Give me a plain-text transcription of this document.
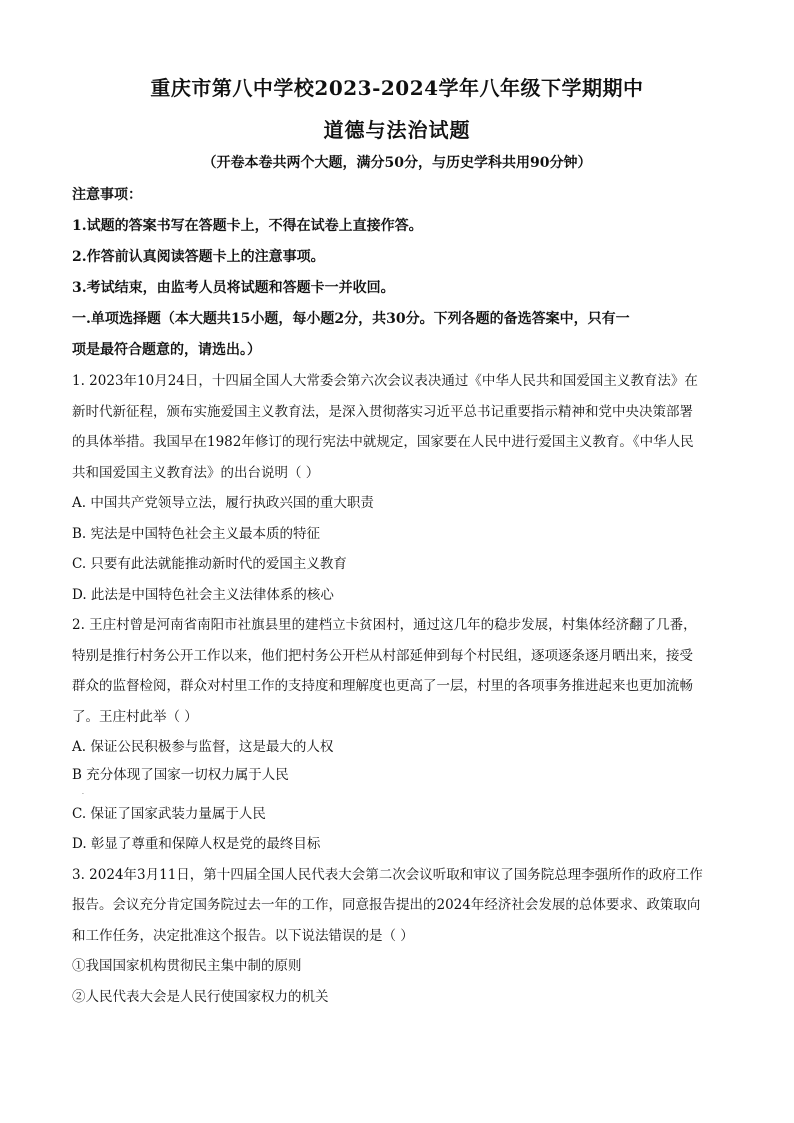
重庆市第八中学校2023-2024学年八年级下学期期中
道德与法治试题
（开卷本卷共两个大题，满分50分，与历史学科共用90分钟）
注意事项：
1.试题的答案书写在答题卡上，不得在试卷上直接作答。
2.作答前认真阅读答题卡上的注意事项。
3.考试结束，由监考人员将试题和答题卡一并收回。
一.单项选择题（本大题共15小题，每小题2分，共30分。下列各题的备选答案中，只有一
项是最符合题意的，请选出。）
1. 2023年10月24日，十四届全国人大常委会第六次会议表决通过《中华人民共和国爱国主义教育法》在
新时代新征程，颁布实施爱国主义教育法，是深入贯彻落实习近平总书记重要指示精神和党中央决策部署
的具体举措。我国早在1982年修订的现行宪法中就规定，国家要在人民中进行爱国主义教育。《中华人民
共和国爱国主义教育法》的出台说明（ ）
A. 中国共产党领导立法，履行执政兴国的重大职责
B. 宪法是中国特色社会主义最本质的特征
C. 只要有此法就能推动新时代的爱国主义教育
D. 此法是中国特色社会主义法律体系的核心
2. 王庄村曾是河南省南阳市社旗县里的建档立卡贫困村，通过这几年的稳步发展，村集体经济翻了几番，
特别是推行村务公开工作以来，他们把村务公开栏从村部延伸到每个村民组，逐项逐条逐月晒出来，接受
群众的监督检阅，群众对村里工作的支持度和理解度也更高了一层，村里的各项事务推进起来也更加流畅
了。王庄村此举（ ）
A. 保证公民积极参与监督，这是最大的人权
B 充分体现了国家一切权力属于人民
.
C. 保证了国家武装力量属于人民
D. 彰显了尊重和保障人权是党的最终目标
3. 2024年3月11日，第十四届全国人民代表大会第二次会议听取和审议了国务院总理李强所作的政府工作
报告。会议充分肯定国务院过去一年的工作，同意报告提出的2024年经济社会发展的总体要求、政策取向
和工作任务，决定批准这个报告。以下说法错误的是（ ）
①我国国家机构贯彻民主集中制的原则
②人民代表大会是人民行使国家权力的机关
